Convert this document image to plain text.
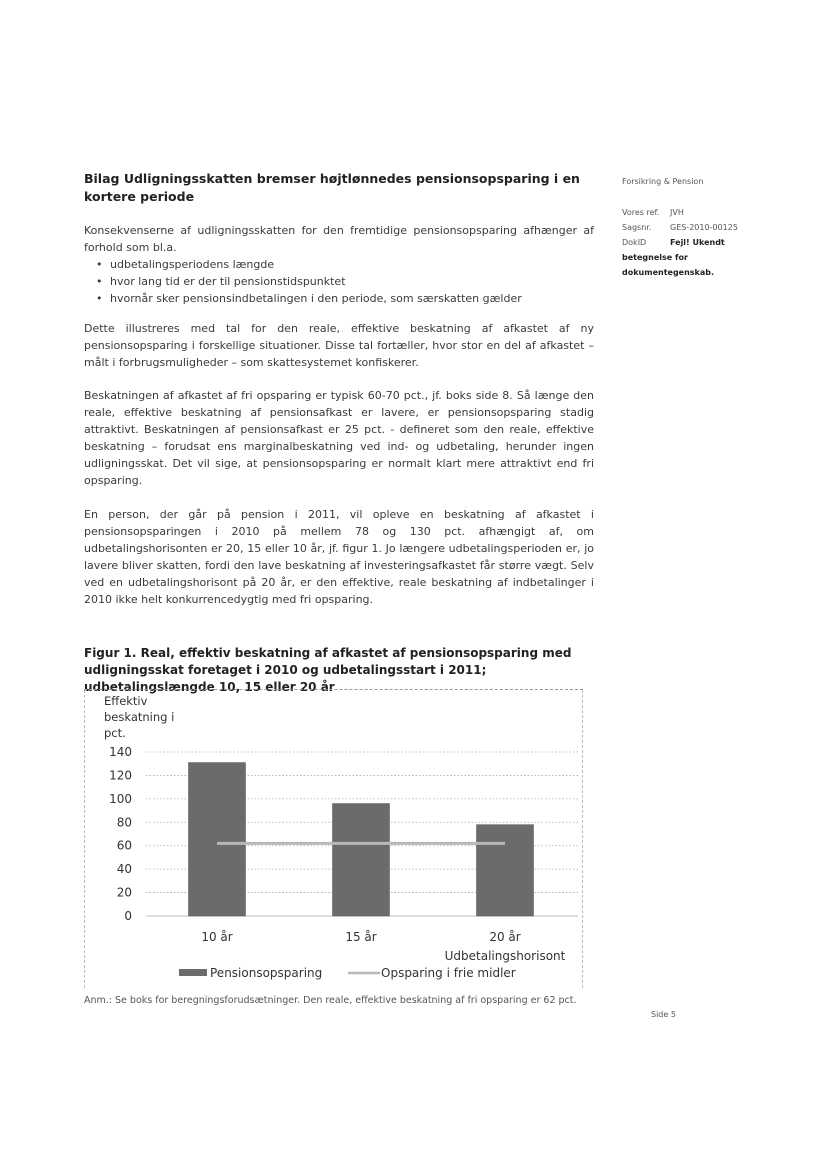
Bilag Udligningsskatten bremser højtlønnedes pensionsopsparing i en
kortere periode
Forsikring & Pension
Vores ref.	JVH
Sagsnr.	GES-2010-00125
DokID	Fejl! Ukendt
betegnelse for
dokumentegenskab.
Konsekvenserne af udligningsskatten for den fremtidige pensionsopsparing afhænger af forhold som bl.a.
• udbetalingsperiodens længde
• hvor lang tid er der til pensionstidspunktet
• hvornår sker pensionsindbetalingen i den periode, som særskatten gælder
Dette illustreres med tal for den reale, effektive beskatning af afkastet af ny pensionsopsparing i forskellige situationer. Disse tal fortæller, hvor stor en del af afkastet – målt i forbrugsmuligheder – som skattesystemet konfiskerer.
Beskatningen af afkastet af fri opsparing er typisk 60-70 pct., jf. boks side 8. Så længe den reale, effektive beskatning af pensionsafkast er lavere, er pensionsopsparing stadig attraktivt. Beskatningen af pensionsafkast er 25 pct. - defineret som den reale, effektive beskatning – forudsat ens marginalbeskatning ved ind- og udbetaling, herunder ingen udligningsskat. Det vil sige, at pensionsopsparing er normalt klart mere attraktivt end fri opsparing.
En person, der går på pension i 2011, vil opleve en beskatning af afkastet i pensionsopsparingen i 2010 på mellem 78 og 130 pct. afhængigt af, om udbetalingshorisonten er 20, 15 eller 10 år, jf. figur 1. Jo længere udbetalingsperioden er, jo lavere bliver skatten, fordi den lave beskatning af investeringsafkastet får større vægt. Selv ved en udbetalingshorisont på 20 år, er den effektive, reale beskatning af indbetalinger i 2010 ikke helt konkurrencedygtig med fri opsparing.
Figur 1. Real, effektiv beskatning af afkastet af pensionsopsparing med udligningsskat foretaget i 2010 og udbetalingsstart i 2011; udbetalingslængde 10, 15 eller 20 år
Effektiv
beskatning i
pct.
0
20
40
60
80
100
120
140
10 år	15 år	20 år
Udbetalingshorisont
Pensionsopsparing	Opsparing i frie midler
Anm.: Se boks for beregningsforudsætninger. Den reale, effektive beskatning af fri opsparing er 62 pct.
Side 5
